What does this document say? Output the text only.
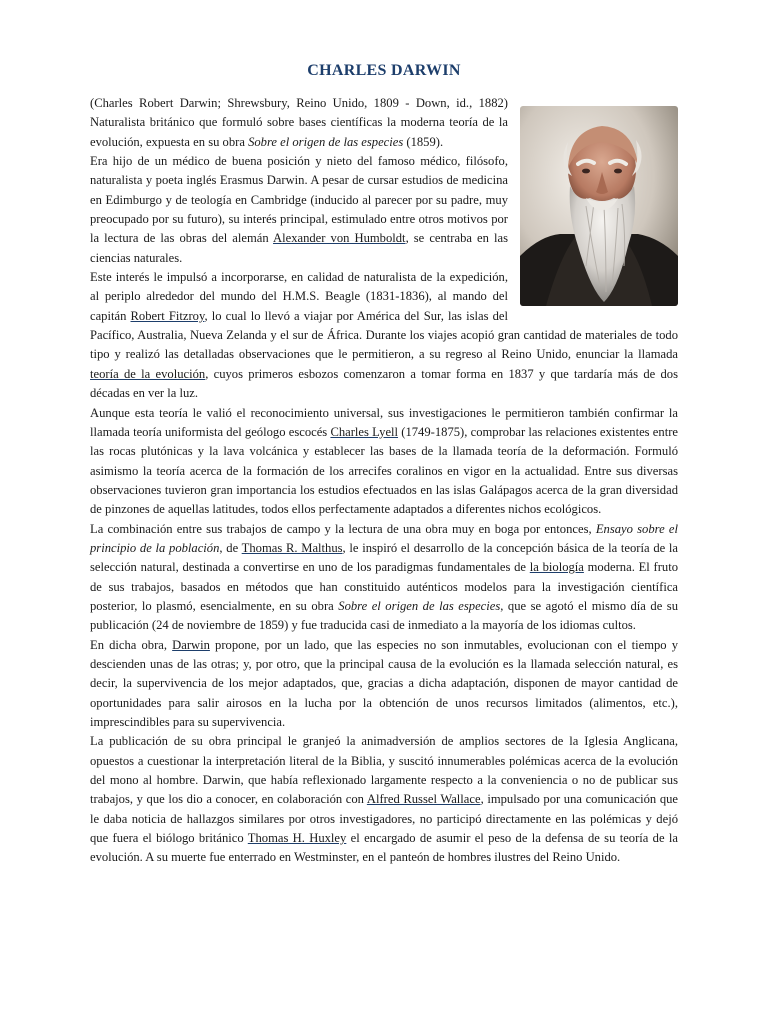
CHARLES DARWIN

(Charles Robert Darwin; Shrewsbury, Reino Unido, 1809 - Down, id., 1882) Naturalista británico que formuló sobre bases científicas la moderna teoría de la evolución, expuesta en su obra Sobre el origen de las especies (1859).

Era hijo de un médico de buena posición y nieto del famoso médico, filósofo, naturalista y poeta inglés Erasmus Darwin. A pesar de cursar estudios de medicina en Edimburgo y de teología en Cambridge (inducido al parecer por su padre, muy preocupado por su futuro), su interés principal, estimulado entre otros motivos por la lectura de las obras del alemán Alexander von Humboldt, se centraba en las ciencias naturales.

Este interés le impulsó a incorporarse, en calidad de naturalista de la expedición, al periplo alrededor del mundo del H.M.S. Beagle (1831-1836), al mando del capitán Robert Fitzroy, lo cual lo llevó a viajar por América del Sur, las islas del Pacífico, Australia, Nueva Zelanda y el sur de África. Durante los viajes acopió gran cantidad de materiales de todo tipo y realizó las detalladas observaciones que le permitieron, a su regreso al Reino Unido, enunciar la llamada teoría de la evolución, cuyos primeros esbozos comenzaron a tomar forma en 1837 y que tardaría más de dos décadas en ver la luz.

Aunque esta teoría le valió el reconocimiento universal, sus investigaciones le permitieron también confirmar la llamada teoría uniformista del geólogo escocés Charles Lyell (1749-1875), comprobar las relaciones existentes entre las rocas plutónicas y la lava volcánica y establecer las bases de la llamada teoría de la deformación. Formuló asimismo la teoría acerca de la formación de los arrecifes coralinos en vigor en la actualidad. Entre sus diversas observaciones tuvieron gran importancia los estudios efectuados en las islas Galápagos acerca de la gran diversidad de pinzones de aquellas latitudes, todos ellos perfectamente adaptados a diferentes nichos ecológicos.

La combinación entre sus trabajos de campo y la lectura de una obra muy en boga por entonces, Ensayo sobre el principio de la población, de Thomas R. Malthus, le inspiró el desarrollo de la concepción básica de la teoría de la selección natural, destinada a convertirse en uno de los paradigmas fundamentales de la biología moderna. El fruto de sus trabajos, basados en métodos que han constituido auténticos modelos para la investigación científica posterior, lo plasmó, esencialmente, en su obra Sobre el origen de las especies, que se agotó el mismo día de su publicación (24 de noviembre de 1859) y fue traducida casi de inmediato a la mayoría de los idiomas cultos.

En dicha obra, Darwin propone, por un lado, que las especies no son inmutables, evolucionan con el tiempo y descienden unas de las otras; y, por otro, que la principal causa de la evolución es la llamada selección natural, es decir, la supervivencia de los mejor adaptados, que, gracias a dicha adaptación, disponen de mayor cantidad de oportunidades para salir airosos en la lucha por la obtención de unos recursos limitados (alimentos, etc.), imprescindibles para su supervivencia.

La publicación de su obra principal le granjeó la animadversión de amplios sectores de la Iglesia Anglicana, opuestos a cuestionar la interpretación literal de la Biblia, y suscitó innumerables polémicas acerca de la evolución del mono al hombre. Darwin, que había reflexionado largamente respecto a la conveniencia o no de publicar sus trabajos, y que los dio a conocer, en colaboración con Alfred Russel Wallace, impulsado por una comunicación que le daba noticia de hallazgos similares por otros investigadores, no participó directamente en las polémicas y dejó que fuera el biólogo británico Thomas H. Huxley el encargado de asumir el peso de la defensa de su teoría de la evolución. A su muerte fue enterrado en Westminster, en el panteón de hombres ilustres del Reino Unido.
